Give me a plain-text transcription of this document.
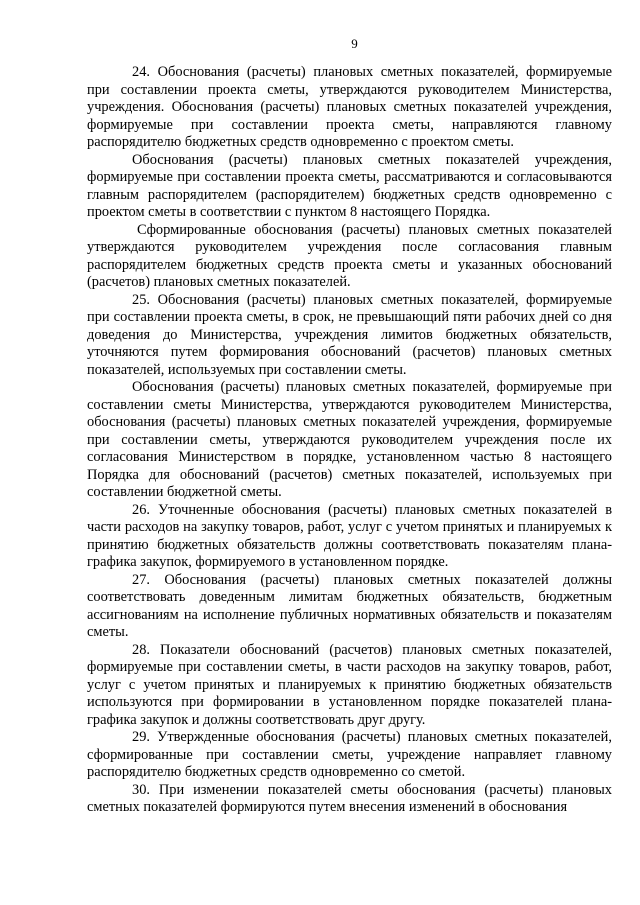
9

24. Обоснования (расчеты) плановых сметных показателей, формируемые при составлении проекта сметы, утверждаются руководителем Министерства, учреждения. Обоснования (расчеты) плановых сметных показателей учреждения, формируемые при составлении проекта сметы, направляются главному распорядителю бюджетных средств одновременно с проектом сметы.

Обоснования (расчеты) плановых сметных показателей учреждения, формируемые при составлении проекта сметы, рассматриваются и согласовываются главным распорядителем (распорядителем) бюджетных средств одновременно с проектом сметы в соответствии с пунктом 8 настоящего Порядка.

Сформированные обоснования (расчеты) плановых сметных показателей утверждаются руководителем учреждения после согласования главным распорядителем бюджетных средств проекта сметы и указанных обоснований (расчетов) плановых сметных показателей.

25. Обоснования (расчеты) плановых сметных показателей, формируемые при составлении проекта сметы, в срок, не превышающий пяти рабочих дней со дня доведения до Министерства, учреждения лимитов бюджетных обязательств, уточняются путем формирования обоснований (расчетов) плановых сметных показателей, используемых при составлении сметы.

Обоснования (расчеты) плановых сметных показателей, формируемые при составлении сметы Министерства, утверждаются руководителем Министерства, обоснования (расчеты) плановых сметных показателей учреждения, формируемые при составлении сметы, утверждаются руководителем учреждения после их согласования Министерством в порядке, установленном частью 8 настоящего Порядка для обоснований (расчетов) сметных показателей, используемых при составлении бюджетной сметы.

26. Уточненные обоснования (расчеты) плановых сметных показателей в части расходов на закупку товаров, работ, услуг с учетом принятых и планируемых к принятию бюджетных обязательств должны соответствовать показателям плана-графика закупок, формируемого в установленном порядке.

27. Обоснования (расчеты) плановых сметных показателей должны соответствовать доведенным лимитам бюджетных обязательств, бюджетным ассигнованиям на исполнение публичных нормативных обязательств и показателям сметы.

28. Показатели обоснований (расчетов) плановых сметных показателей, формируемые при составлении сметы, в части расходов на закупку товаров, работ, услуг с учетом принятых и планируемых к принятию бюджетных обязательств используются при формировании в установленном порядке показателей плана-графика закупок и должны соответствовать друг другу.

29. Утвержденные обоснования (расчеты) плановых сметных показателей, сформированные при составлении сметы, учреждение направляет главному распорядителю бюджетных средств одновременно со сметой.

30. При изменении показателей сметы обоснования (расчеты) плановых сметных показателей формируются путем внесения изменений в обоснования
